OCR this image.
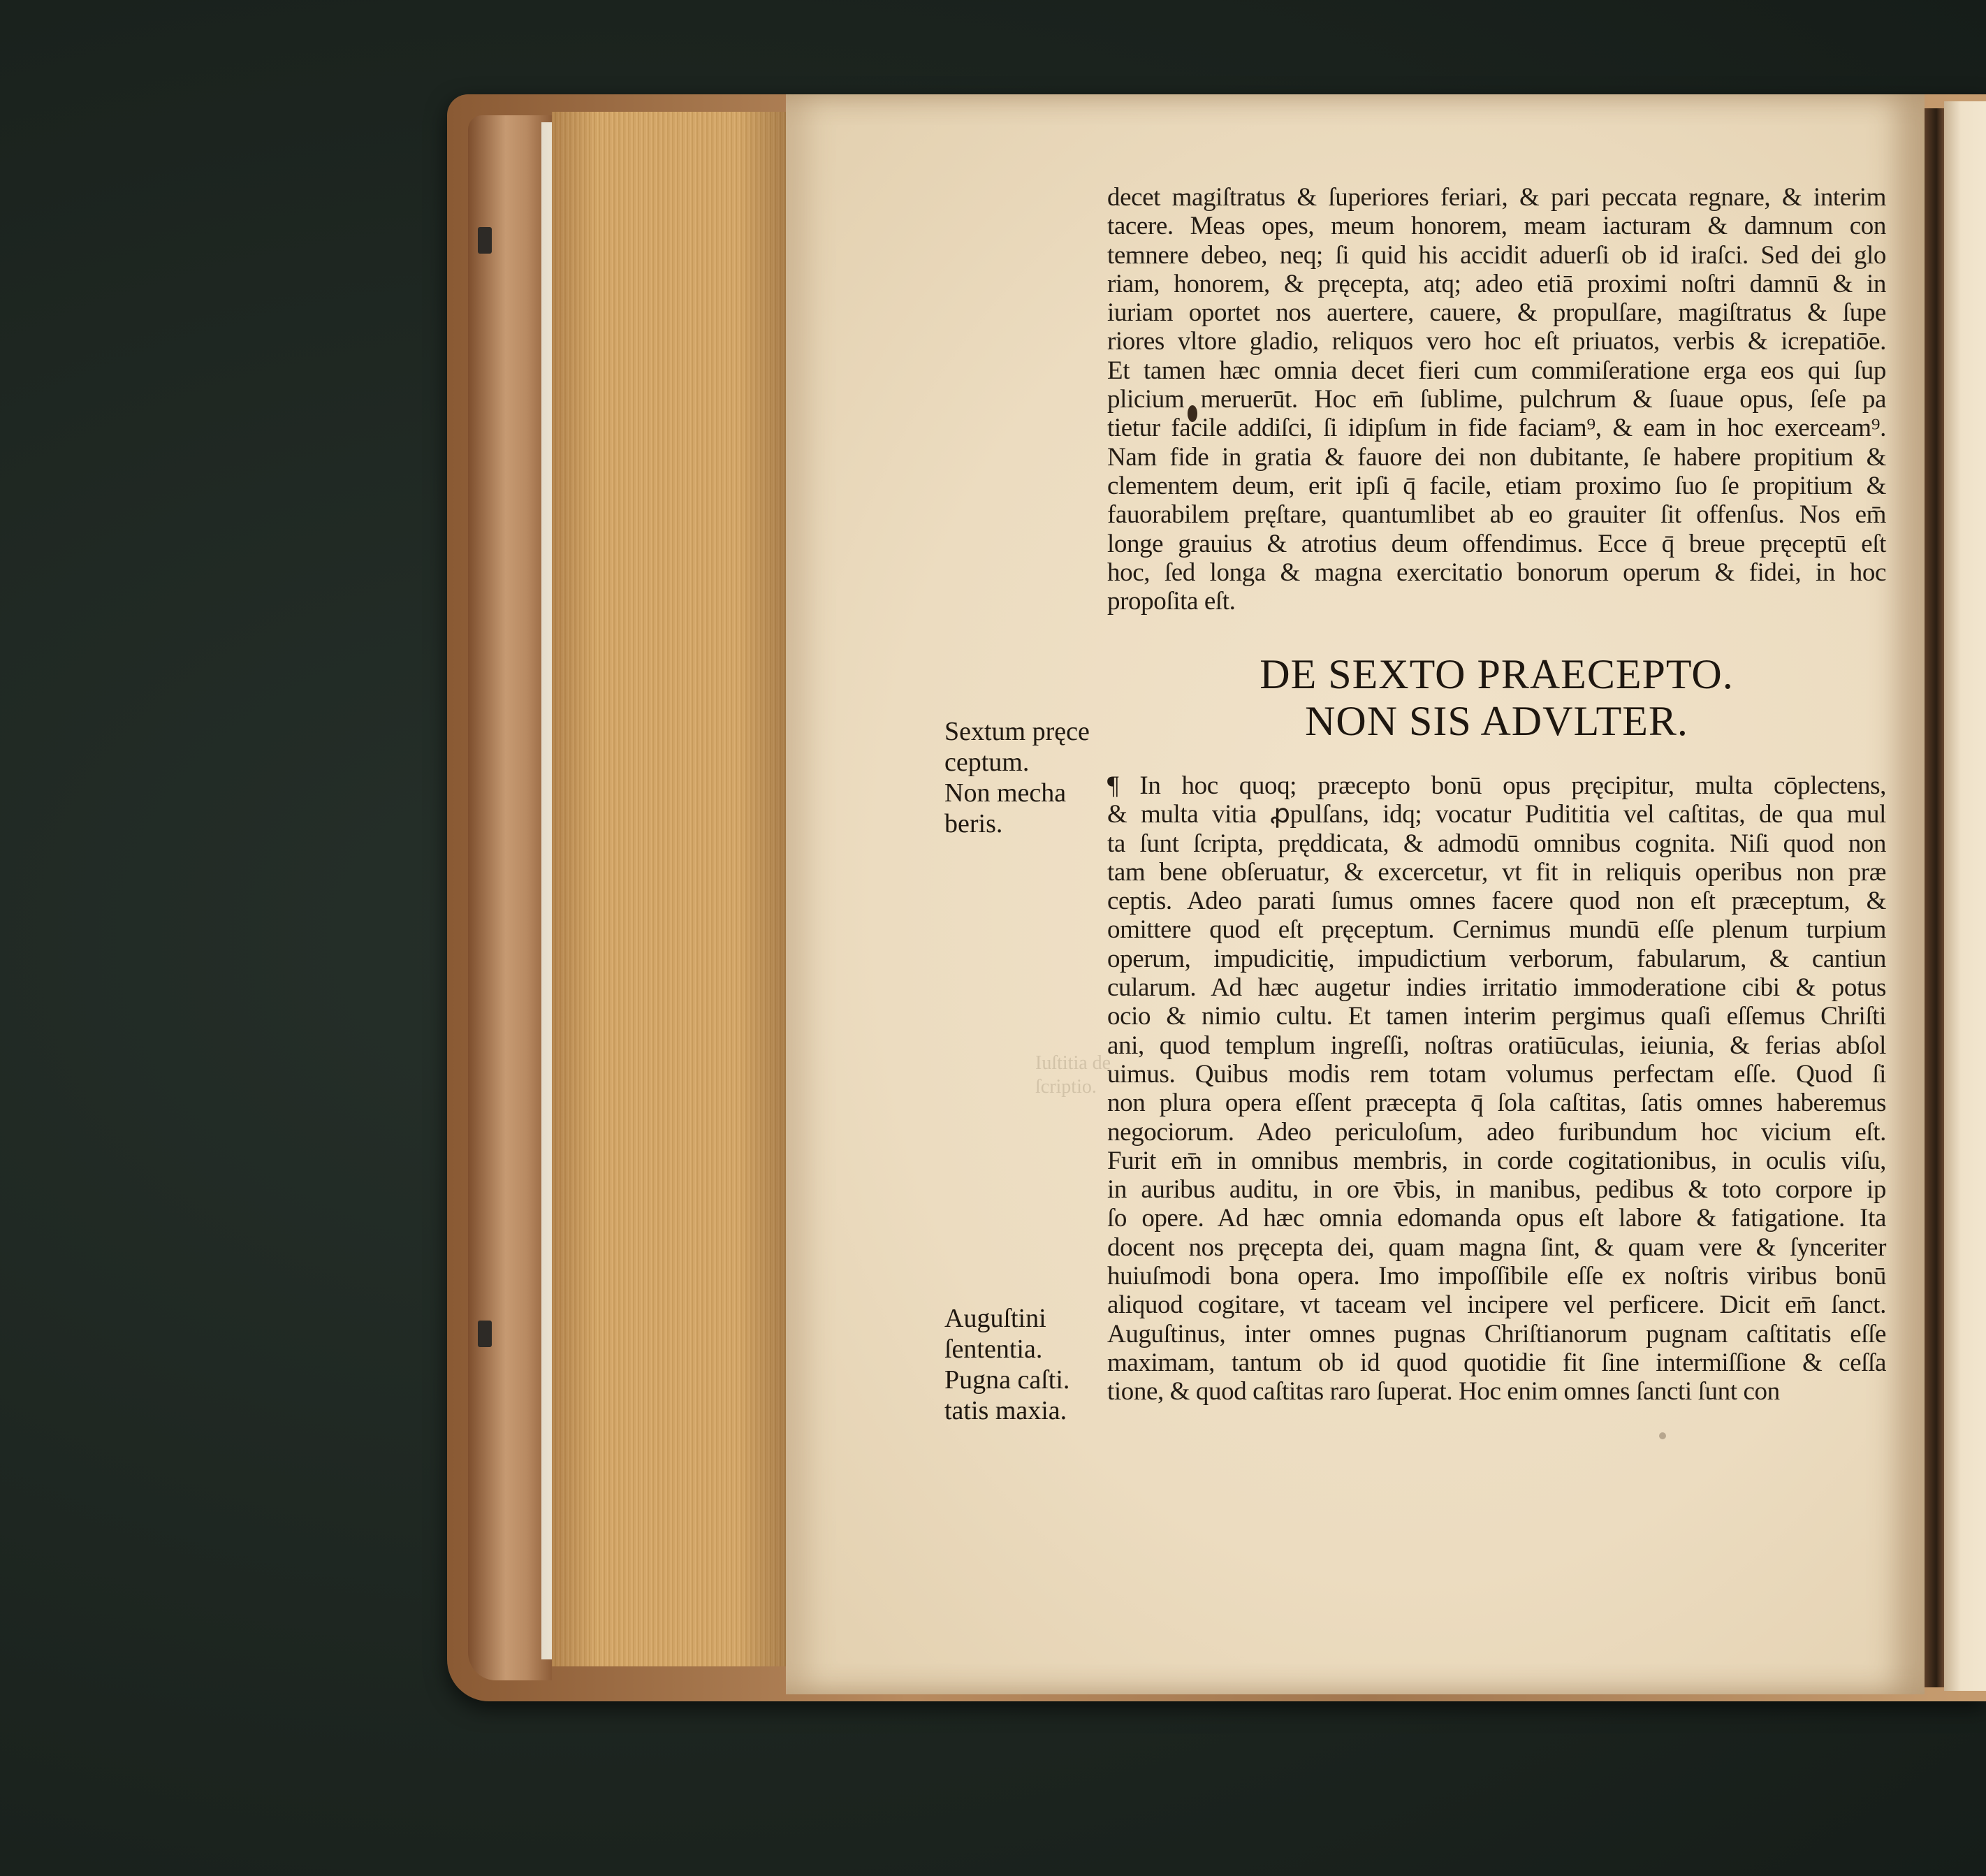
decet magiſtratus & ſuperiores feriari, & pari peccata regnare, & interim
tacere. Meas opes, meum honorem, meam iacturam & damnum con
temnere debeo, neq; ſi quid his accidit aduerſi ob id iraſci. Sed dei glo
riam, honorem, & pręcepta, atq; adeo etiā proximi noſtri damnū & in
iuriam oportet nos auertere, cauere, & propulſare, magiſtratus & ſupe
riores vltore gladio, reliquos vero hoc eſt priuatos, verbis & icrepatiōe.
Et tamen hæc omnia decet fieri cum commiſeratione erga eos qui ſup
plicium meruerūt. Hoc em̄ ſublime, pulchrum & ſuaue opus, ſeſe pa
tietur facile addiſci, ſi idipſum in fide faciam⁹, & eam in hoc exerceam⁹.
Nam fide in gratia & fauore dei non dubitante, ſe habere propitium &
clementem deum, erit ipſi q̄ facile, etiam proximo ſuo ſe propitium &
fauorabilem pręſtare, quantumlibet ab eo grauiter ſit offenſus. Nos em̄
longe grauius & atrotius deum offendimus. Ecce q̄ breue pręceptū eſt
hoc, ſed longa & magna exercitatio bonorum operum & fidei, in hoc
propoſita eſt.
DE SEXTO PRAECEPTO.
NON SIS ADVLTER.
¶ In hoc quoq; præcepto bonū opus pręcipitur, multa cōplectens,
& multa vitia ꝓpulſans, idq; vocatur Pudititia vel caſtitas, de qua mul
ta ſunt ſcripta, pręddicata, & admodū omnibus cognita. Niſi quod non
tam bene obſeruatur, & excercetur, vt fit in reliquis operibus non præ
ceptis. Adeo parati ſumus omnes facere quod non eſt præceptum, &
omittere quod eſt pręceptum. Cernimus mundū eſſe plenum turpium
operum, impudicitię, impudictium verborum, fabularum, & cantiun
cularum. Ad hæc augetur indies irritatio immoderatione cibi & potus
ocio & nimio cultu. Et tamen interim pergimus quaſi eſſemus Chriſti
ani, quod templum ingreſſi, noſtras oratiūculas, ieiunia, & ferias abſol
uimus. Quibus modis rem totam volumus perfectam eſſe. Quod ſi
non plura opera eſſent præcepta q̄ ſola caſtitas, ſatis omnes haberemus
negociorum. Adeo periculoſum, adeo furibundum hoc vicium eſt.
Furit em̄ in omnibus membris, in corde cogitationibus, in oculis viſu,
in auribus auditu, in ore v̄bis, in manibus, pedibus & toto corpore ip
ſo opere. Ad hæc omnia edomanda opus eſt labore & fatigatione. Ita
docent nos pręcepta dei, quam magna ſint, & quam vere & ſynceriter
huiuſmodi bona opera. Imo impoſſibile eſſe ex noſtris viribus bonū
aliquod cogitare, vt taceam vel incipere vel perficere. Dicit em̄ ſanct.
Auguſtinus, inter omnes pugnas Chriſtianorum pugnam caſtitatis eſſe
maximam, tantum ob id quod quotidie fit ſine intermiſſione & ceſſa
tione, & quod caſtitas raro ſuperat. Hoc enim omnes ſancti ſunt con
Sextum pręce
ceptum.
Non mecha
beris.
Auguſtini
ſententia.
Pugna caſti.
tatis maxia.
Iuſtitia de
ſcriptio.
